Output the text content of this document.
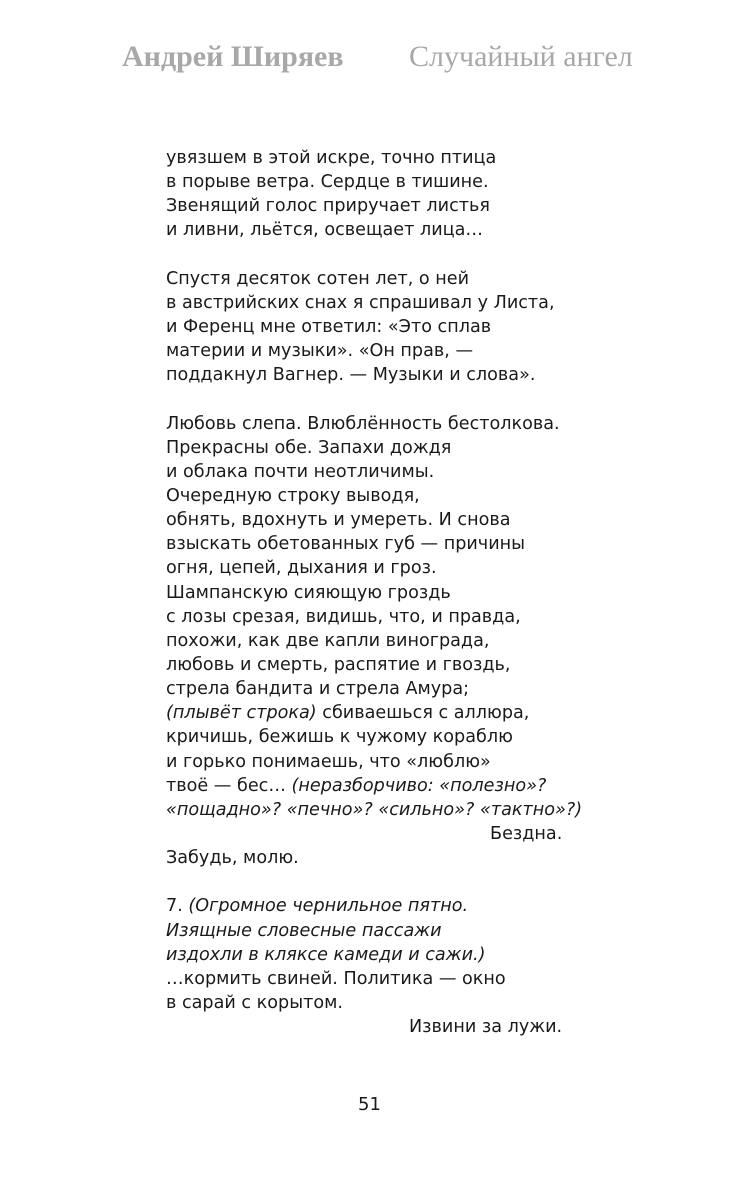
Андрей Ширяев Случайный ангел
увязшем в этой искре, точно птица
в порыве ветра. Сердце в тишине.
Звенящий голос приручает листья
и ливни, льётся, освещает лица…
Спустя десяток сотен лет, о ней
в австрийских снах я спрашивал у Листа,
и Ференц мне ответил: «Это сплав
материи и музыки». «Он прав, —
поддакнул Вагнер. — Музыки и слова».
Любовь слепа. Влюблённость бестолкова.
Прекрасны обе. Запахи дождя
и облака почти неотличимы.
Очередную строку выводя,
обнять, вдохнуть и умереть. И снова
взыскать обетованных губ — причины
огня, цепей, дыхания и гроз.
Шампанскую сияющую гроздь
с лозы срезая, видишь, что, и правда,
похожи, как две капли винограда,
любовь и смерть, распятие и гвоздь,
стрела бандита и стрела Амура;
(плывёт строка) сбиваешься с аллюра,
кричишь, бежишь к чужому кораблю
и горько понимаешь, что «люблю»
твоё — бес… (неразборчиво: «полезно»?
«пощадно»? «печно»? «сильно»? «тактно»?)
Бездна.
Забудь, молю.
7. (Огромное чернильное пятно.
Изящные словесные пассажи
издохли в кляксе камеди и сажи.)
…кормить свиней. Политика — окно
в сарай с корытом.
Извини за лужи.
51
